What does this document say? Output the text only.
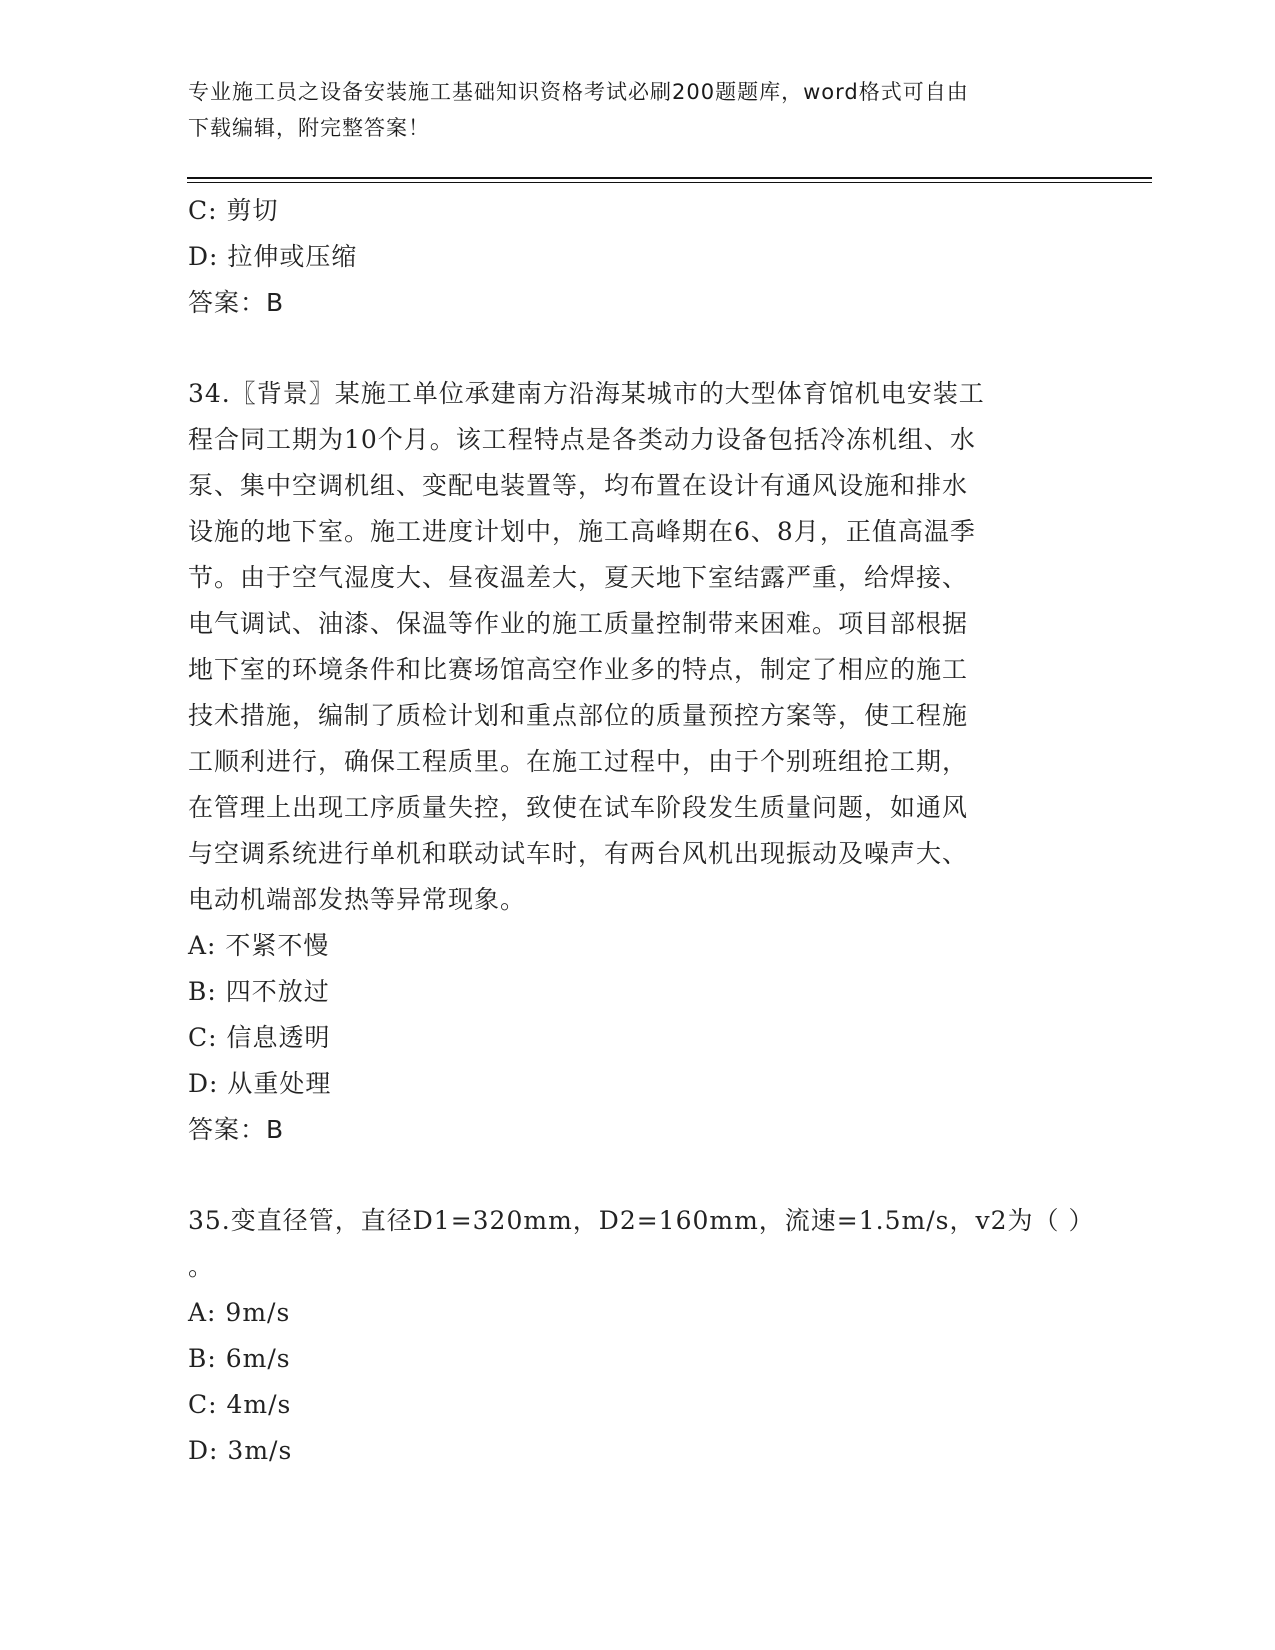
专业施工员之设备安装施工基础知识资格考试必刷200题题库，word格式可自由
下载编辑，附完整答案！
C: 剪切
D: 拉伸或压缩
答案：B
34.〖背景〗某施工单位承建南方沿海某城市的大型体育馆机电安装工
程合同工期为10个月。该工程特点是各类动力设备包括冷冻机组、水
泵、集中空调机组、变配电装置等，均布置在设计有通风设施和排水
设施的地下室。施工进度计划中，施工高峰期在6、8月，正值高温季
节。由于空气湿度大、昼夜温差大，夏天地下室结露严重，给焊接、
电气调试、油漆、保温等作业的施工质量控制带来困难。项目部根据
地下室的环境条件和比赛场馆高空作业多的特点，制定了相应的施工
技术措施，编制了质检计划和重点部位的质量预控方案等，使工程施
工顺利进行，确保工程质里。在施工过程中，由于个别班组抢工期，
在管理上出现工序质量失控，致使在试车阶段发生质量问题，如通风
与空调系统进行单机和联动试车时，有两台风机出现振动及噪声大、
电动机端部发热等异常现象。
A: 不紧不慢
B: 四不放过
C: 信息透明
D: 从重处理
答案：B
35.变直径管，直径D1=320mm，D2=160mm，流速=1.5m/s，v2为（ ）
。
A: 9m/s
B: 6m/s
C: 4m/s
D: 3m/s
